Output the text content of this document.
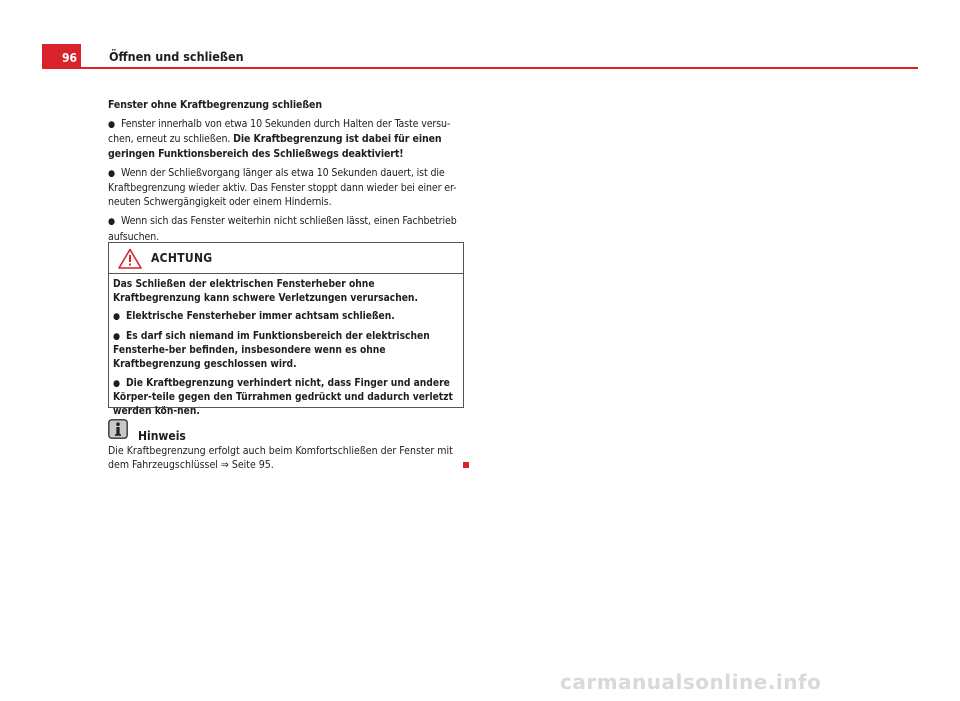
96	Öffnen und schließen
Fenster ohne Kraftbegrenzung schließen

● Fenster innerhalb von etwa 10 Sekunden durch Halten der Taste versu-chen, erneut zu schließen. Die Kraftbegrenzung ist dabei für einen geringen Funktionsbereich des Schließwegs deaktiviert!

● Wenn der Schließvorgang länger als etwa 10 Sekunden dauert, ist die Kraftbegrenzung wieder aktiv. Das Fenster stoppt dann wieder bei einer er-neuten Schwergängigkeit oder einem Hindernis.

● Wenn sich das Fenster weiterhin nicht schließen lässt, einen Fachbetrieb aufsuchen.

ACHTUNG

Das Schließen der elektrischen Fensterheber ohne Kraftbegrenzung kann schwere Verletzungen verursachen.

● Elektrische Fensterheber immer achtsam schließen.

● Es darf sich niemand im Funktionsbereich der elektrischen Fensterhe-ber befinden, insbesondere wenn es ohne Kraftbegrenzung geschlossen wird.

● Die Kraftbegrenzung verhindert nicht, dass Finger und andere Körper-teile gegen den Türrahmen gedrückt und dadurch verletzt werden kön-nen.

Hinweis
Die Kraftbegrenzung erfolgt auch beim Komfortschließen der Fenster mit dem Fahrzeugschlüssel ⇒ Seite 95.
carmanualsonline.info
